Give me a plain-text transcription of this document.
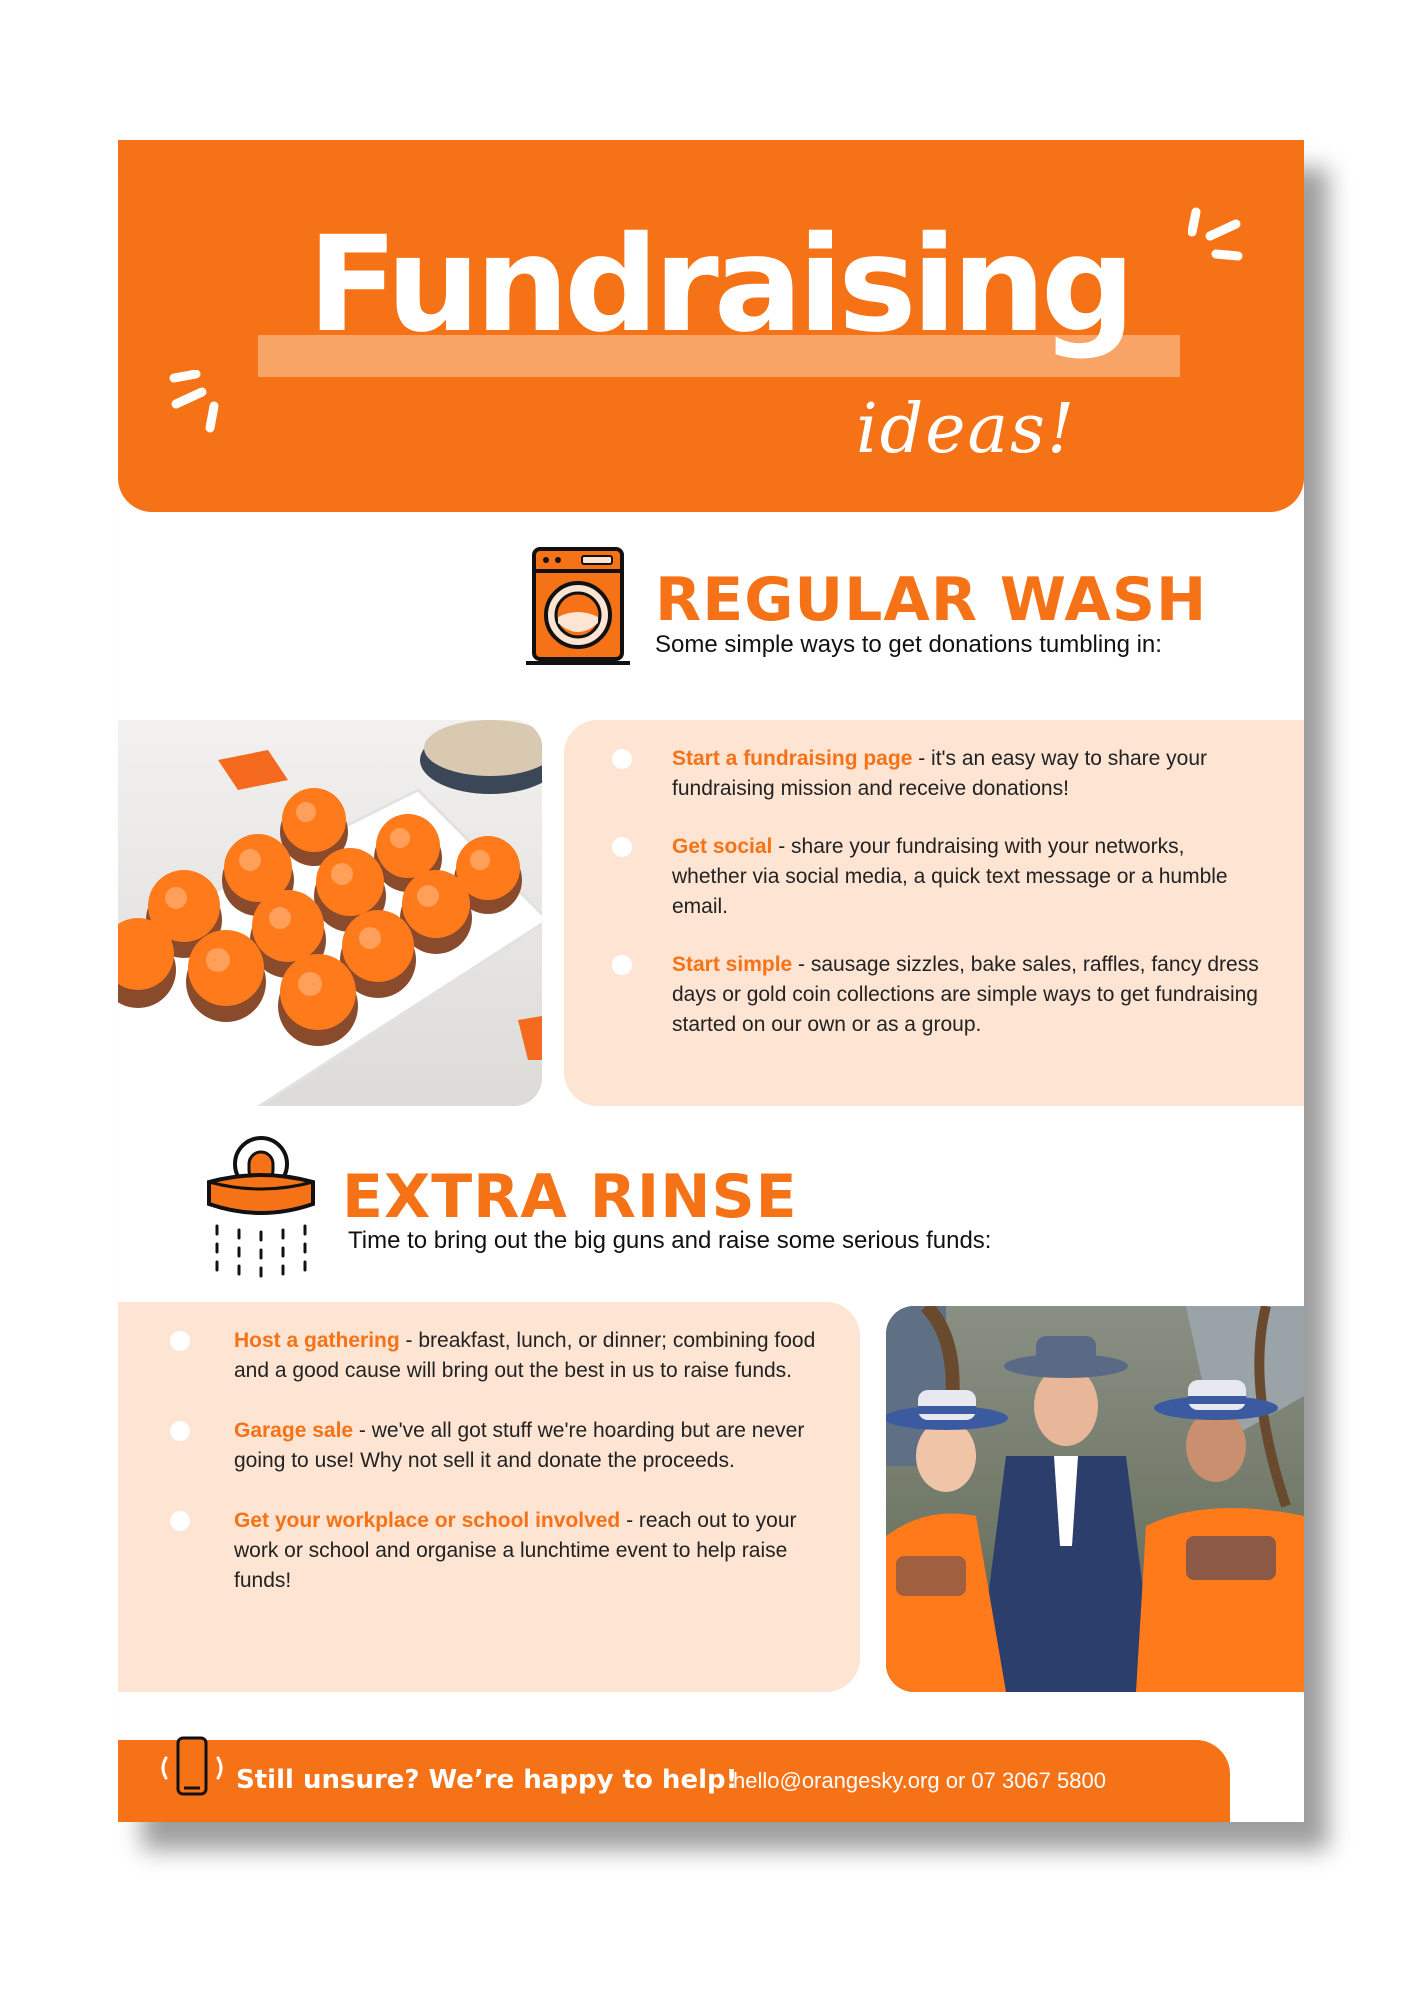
Fundraising
ideas!
REGULAR WASH
Some simple ways to get donations tumbling in:
Start a fundraising page - it's an easy way to share your fundraising mission and receive donations!
Get social - share your fundraising with your networks, whether via social media, a quick text message or a humble email.
Start simple - sausage sizzles, bake sales, raffles, fancy dress days or gold coin collections are simple ways to get fundraising started on our own or as a group.
EXTRA RINSE
Time to bring out the big guns and raise some serious funds:
Host a gathering - breakfast, lunch, or dinner; combining food and a good cause will bring out the best in us to raise funds.
Garage sale - we've all got stuff we're hoarding but are never going to use! Why not sell it and donate the proceeds.
Get your workplace or school involved - reach out to your work or school and organise a lunchtime event to help raise funds!
Still unsure? We’re happy to help!
hello@orangesky.org or 07 3067 5800
